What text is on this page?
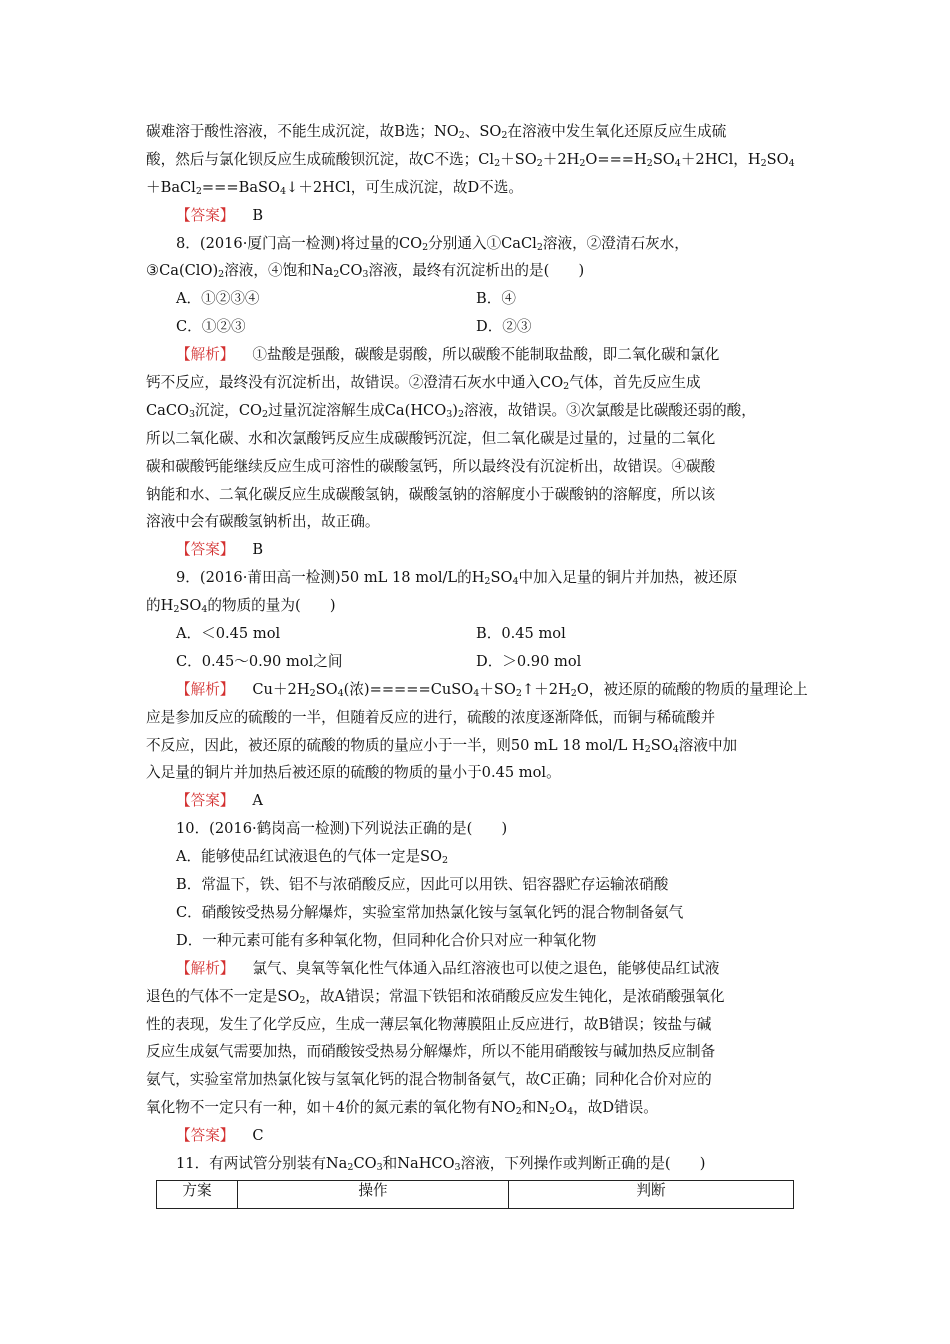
碳难溶于酸性溶液，不能生成沉淀，故B选；$NO_2$、$SO_2$在溶液中发生氧化还原反应生成硫
酸，然后与氯化钡反应生成硫酸钡沉淀，故C不选；$Cl_2+SO_2+2H_2O===H_2SO_4+2HCl$，$H_2SO_4$
＋BaCl$_2$===BaSO$_4$↓＋2HCl，可生成沉淀，故D不选。
【答案】 B
8．(2016·厦门高一检测)将过量的$CO_2$分别通入①CaCl$_2$溶液，②澄清石灰水，
$③Ca(ClO)_2$溶液，④饱和$Na_2CO_3$溶液，最终有沉淀析出的是(　　)
A．①②③④	B．④
C．①②③	D．②③
【解析】 ①盐酸是强酸，碳酸是弱酸，所以碳酸不能制取盐酸，即二氧化碳和氯化
钙不反应，最终没有沉淀析出，故错误。②澄清石灰水中通入$CO_2$气体，首先反应生成
CaCO$_3$沉淀，$CO_2$过量沉淀溶解生成$Ca(HCO_3)_2$溶液，故错误。③次氯酸是比碳酸还弱的酸，
所以二氧化碳、水和次氯酸钙反应生成碳酸钙沉淀，但二氧化碳是过量的，过量的二氧化
碳和碳酸钙能继续反应生成可溶性的碳酸氢钙，所以最终没有沉淀析出，故错误。④碳酸
钠能和水、二氧化碳反应生成碳酸氢钠，碳酸氢钠的溶解度小于碳酸钠的溶解度，所以该
溶液中会有碳酸氢钠析出，故正确。
【答案】 B
9．(2016·莆田高一检测)50 mL 18 mol/L的$H_2SO_4$中加入足量的铜片并加热，被还原
的$H_2SO_4$的物质的量为(　　)
A．＜0.45 mol	B．0.45 mol
C．0.45～0.90 mol之间	D．＞0.90 mol
【解析】 $Cu+2H_2SO_4$(浓)$=====CuSO_4+SO_2↑+2H_2O$，被还原的硫酸的物质的量理论上
应是参加反应的硫酸的一半，但随着反应的进行，硫酸的浓度逐渐降低，而铜与稀硫酸并
不反应，因此，被还原的硫酸的物质的量应小于一半，则50 mL 18 mol/L $H_2SO_4$溶液中加
入足量的铜片并加热后被还原的硫酸的物质的量小于0.45 mol。
【答案】 A
10．(2016·鹤岗高一检测)下列说法正确的是(　　)
A．能够使品红试液退色的气体一定是$SO_2$
B．常温下，铁、铝不与浓硝酸反应，因此可以用铁、铝容器贮存运输浓硝酸
C．硝酸铵受热易分解爆炸，实验室常加热氯化铵与氢氧化钙的混合物制备氨气
D．一种元素可能有多种氧化物，但同种化合价只对应一种氧化物
【解析】 氯气、臭氧等氧化性气体通入品红溶液也可以使之退色，能够使品红试液
退色的气体不一定是$SO_2$，故A错误；常温下铁铝和浓硝酸反应发生钝化，是浓硝酸强氧化
性的表现，发生了化学反应，生成一薄层氧化物薄膜阻止反应进行，故B错误；铵盐与碱
反应生成氨气需要加热，而硝酸铵受热易分解爆炸，所以不能用硝酸铵与碱加热反应制备
氨气，实验室常加热氯化铵与氢氧化钙的混合物制备氨气，故C正确；同种化合价对应的
氧化物不一定只有一种，如＋4价的氮元素的氧化物有$NO_2$和$N_2O_4$，故D错误。
【答案】 C
11．有两试管分别装有$Na_2CO_3$和NaHCO$_3$溶液，下列操作或判断正确的是(　　)
方案	操作	判断
